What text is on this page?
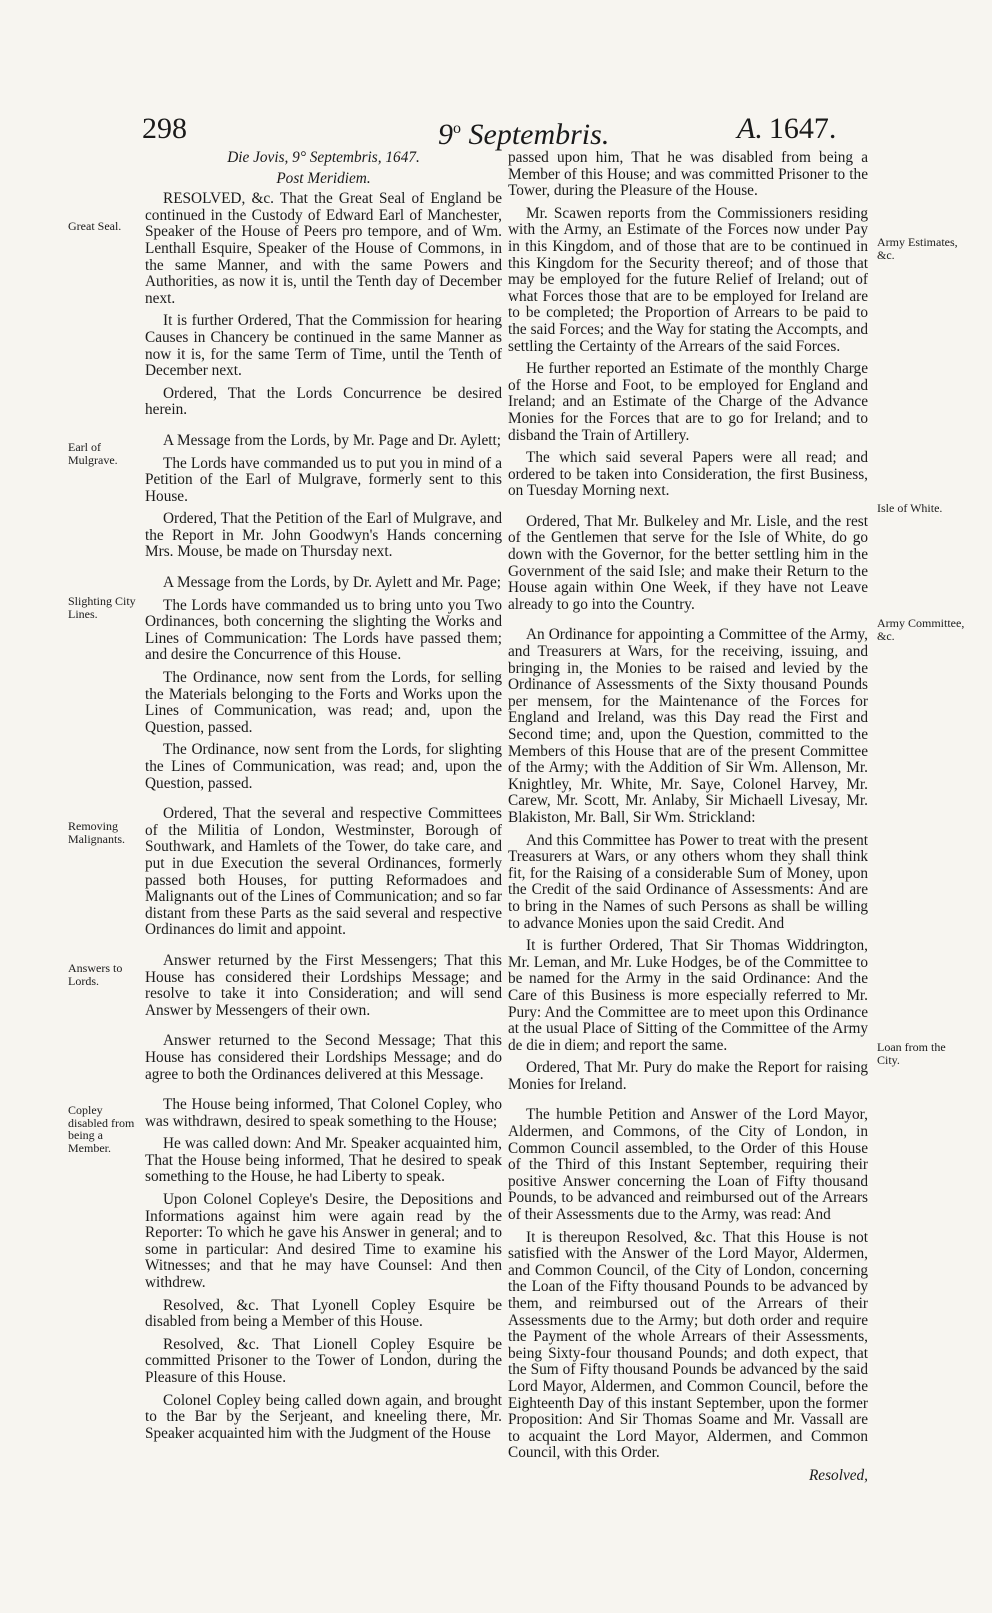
298	9$^o$ Septembris.	A. 1647.
Great Seal.
Earl of Mulgrave.
Slighting City Lines.
Removing Malignants.
Answers to Lords.
Copley disabled from being a Member.
Army Estimates, &c.
Isle of White.
Army Committee, &c.
Loan from the City.

Die Jovis, 9° Septembris, 1647.

Post Meridiem.

RESOLVED, &c. That the Great Seal of England be continued in the Custody of Edward Earl of Manchester, Speaker of the House of Peers pro tempore, and of Wm. Lenthall Esquire, Speaker of the House of Commons, in the same Manner, and with the same Powers and Authorities, as now it is, until the Tenth day of December next.

It is further Ordered, That the Commission for hearing Causes in Chancery be continued in the same Manner as now it is, for the same Term of Time, until the Tenth of December next.

Ordered, That the Lords Concurrence be desired herein.

A Message from the Lords, by Mr. Page and Dr. Aylett;

The Lords have commanded us to put you in mind of a Petition of the Earl of Mulgrave, formerly sent to this House.

Ordered, That the Petition of the Earl of Mulgrave, and the Report in Mr. John Goodwyn's Hands concerning Mrs. Mouse, be made on Thursday next.

A Message from the Lords, by Dr. Aylett and Mr. Page;

The Lords have commanded us to bring unto you Two Ordinances, both concerning the slighting the Works and Lines of Communication: The Lords have passed them; and desire the Concurrence of this House.

The Ordinance, now sent from the Lords, for selling the Materials belonging to the Forts and Works upon the Lines of Communication, was read; and, upon the Question, passed.

The Ordinance, now sent from the Lords, for slighting the Lines of Communication, was read; and, upon the Question, passed.

Ordered, That the several and respective Committees of the Militia of London, Westminster, Borough of Southwark, and Hamlets of the Tower, do take care, and put in due Execution the several Ordinances, formerly passed both Houses, for putting Reformadoes and Malignants out of the Lines of Communication; and so far distant from these Parts as the said several and respective Ordinances do limit and appoint.

Answer returned by the First Messengers; That this House has considered their Lordships Message; and resolve to take it into Consideration; and will send Answer by Messengers of their own.

Answer returned to the Second Message; That this House has considered their Lordships Message; and do agree to both the Ordinances delivered at this Message.

The House being informed, That Colonel Copley, who was withdrawn, desired to speak something to the House;

He was called down: And Mr. Speaker acquainted him, That the House being informed, That he desired to speak something to the House, he had Liberty to speak.

Upon Colonel Copleye's Desire, the Depositions and Informations against him were again read by the Reporter: To which he gave his Answer in general; and to some in particular: And desired Time to examine his Witnesses; and that he may have Counsel: And then withdrew.

Resolved, &c. That Lyonell Copley Esquire be disabled from being a Member of this House.

Resolved, &c. That Lionell Copley Esquire be committed Prisoner to the Tower of London, during the Pleasure of this House.

Colonel Copley being called down again, and brought to the Bar by the Serjeant, and kneeling there, Mr. Speaker acquainted him with the Judgment of the House

passed upon him, That he was disabled from being a Member of this House; and was committed Prisoner to the Tower, during the Pleasure of the House.

Mr. Scawen reports from the Commissioners residing with the Army, an Estimate of the Forces now under Pay in this Kingdom, and of those that are to be continued in this Kingdom for the Security thereof; and of those that may be employed for the future Relief of Ireland; out of what Forces those that are to be employed for Ireland are to be completed; the Proportion of Arrears to be paid to the said Forces; and the Way for stating the Accompts, and settling the Certainty of the Arrears of the said Forces.

He further reported an Estimate of the monthly Charge of the Horse and Foot, to be employed for England and Ireland; and an Estimate of the Charge of the Advance Monies for the Forces that are to go for Ireland; and to disband the Train of Artillery.

The which said several Papers were all read; and ordered to be taken into Consideration, the first Business, on Tuesday Morning next.

Ordered, That Mr. Bulkeley and Mr. Lisle, and the rest of the Gentlemen that serve for the Isle of White, do go down with the Governor, for the better settling him in the Government of the said Isle; and make their Return to the House again within One Week, if they have not Leave already to go into the Country.

An Ordinance for appointing a Committee of the Army, and Treasurers at Wars, for the receiving, issuing, and bringing in, the Monies to be raised and levied by the Ordinance of Assessments of the Sixty thousand Pounds per mensem, for the Maintenance of the Forces for England and Ireland, was this Day read the First and Second time; and, upon the Question, committed to the Members of this House that are of the present Committee of the Army; with the Addition of Sir Wm. Allenson, Mr. Knightley, Mr. White, Mr. Saye, Colonel Harvey, Mr. Carew, Mr. Scott, Mr. Anlaby, Sir Michaell Livesay, Mr. Blakiston, Mr. Ball, Sir Wm. Strickland:

And this Committee has Power to treat with the present Treasurers at Wars, or any others whom they shall think fit, for the Raising of a considerable Sum of Money, upon the Credit of the said Ordinance of Assessments: And are to bring in the Names of such Persons as shall be willing to advance Monies upon the said Credit. And

It is further Ordered, That Sir Thomas Widdrington, Mr. Leman, and Mr. Luke Hodges, be of the Committee to be named for the Army in the said Ordinance: And the Care of this Business is more especially referred to Mr. Pury: And the Committee are to meet upon this Ordinance at the usual Place of Sitting of the Committee of the Army de die in diem; and report the same.

Ordered, That Mr. Pury do make the Report for raising Monies for Ireland.

The humble Petition and Answer of the Lord Mayor, Aldermen, and Commons, of the City of London, in Common Council assembled, to the Order of this House of the Third of this Instant September, requiring their positive Answer concerning the Loan of Fifty thousand Pounds, to be advanced and reimbursed out of the Arrears of their Assessments due to the Army, was read: And

It is thereupon Resolved, &c. That this House is not satisfied with the Answer of the Lord Mayor, Aldermen, and Common Council, of the City of London, concerning the Loan of the Fifty thousand Pounds to be advanced by them, and reimbursed out of the Arrears of their Assessments due to the Army; but doth order and require the Payment of the whole Arrears of their Assessments, being Sixty-four thousand Pounds; and doth expect, that the Sum of Fifty thousand Pounds be advanced by the said Lord Mayor, Aldermen, and Common Council, before the Eighteenth Day of this instant September, upon the former Proposition: And Sir Thomas Soame and Mr. Vassall are to acquaint the Lord Mayor, Aldermen, and Common Council, with this Order.

Resolved,
